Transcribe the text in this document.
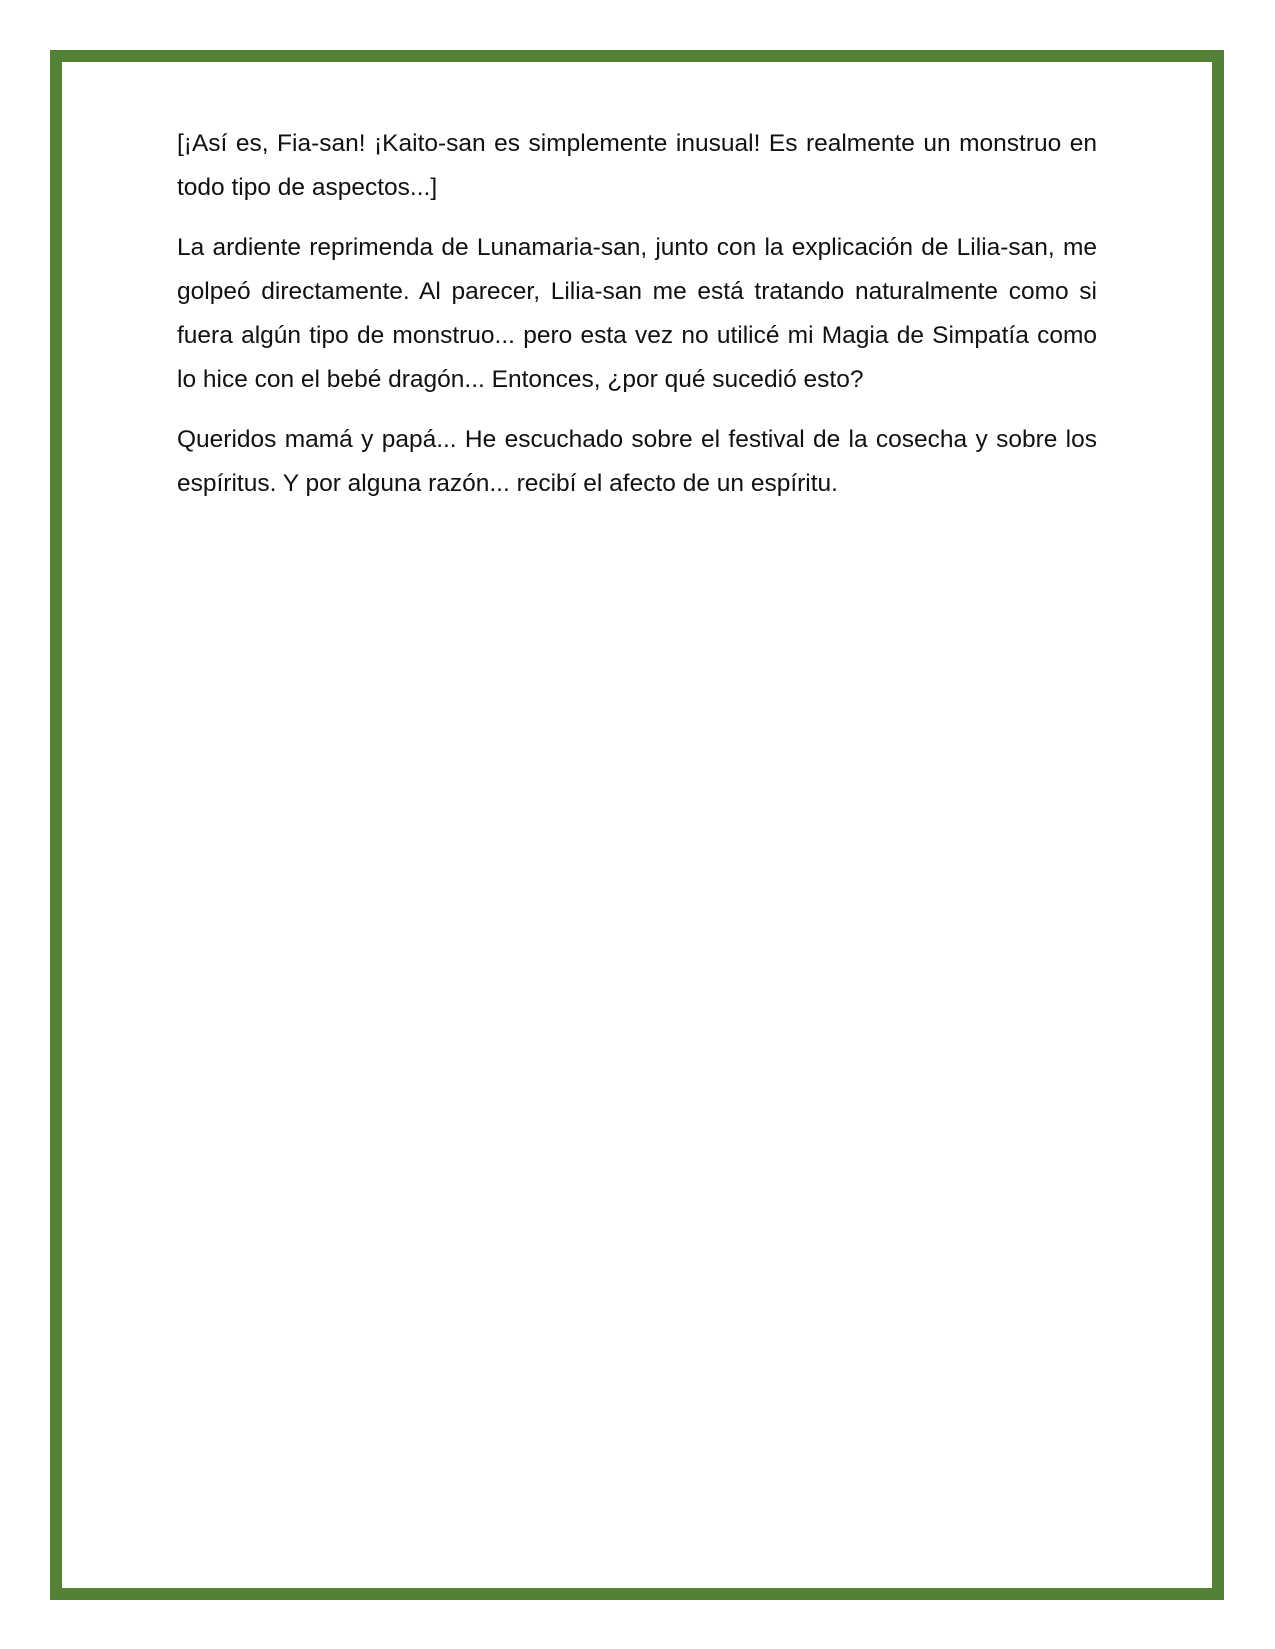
[¡Así es, Fia-san! ¡Kaito-san es simplemente inusual! Es realmente un monstruo en todo tipo de aspectos...]

La ardiente reprimenda de Lunamaria-san, junto con la explicación de Lilia-san, me golpeó directamente. Al parecer, Lilia-san me está tratando naturalmente como si fuera algún tipo de monstruo... pero esta vez no utilicé mi Magia de Simpatía como lo hice con el bebé dragón... Entonces, ¿por qué sucedió esto?

Queridos mamá y papá... He escuchado sobre el festival de la cosecha y sobre los espíritus. Y por alguna razón... recibí el afecto de un espíritu.
